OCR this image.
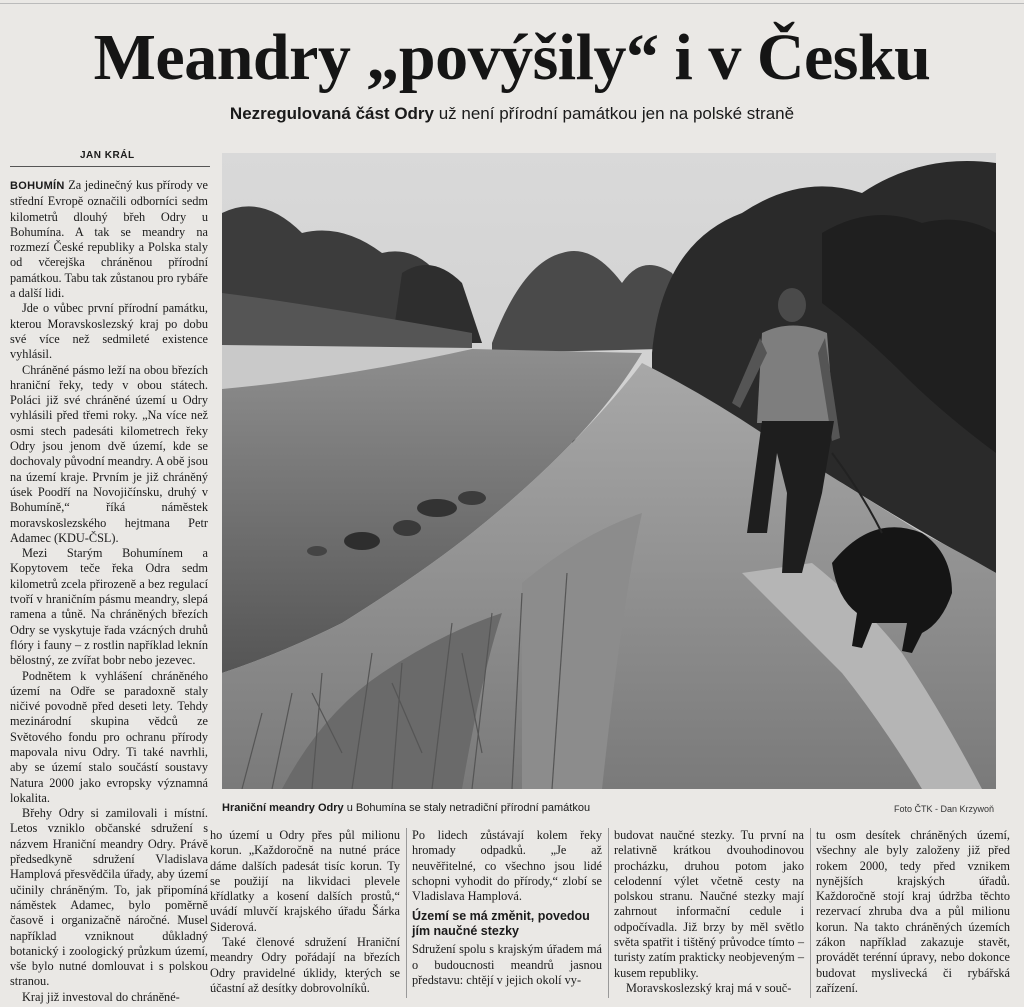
Meandry „povýšily“ i v Česku
Nezregulovaná část Odry už není přírodní památkou jen na polské straně
JAN KRÁL

BOHUMÍN Za jedinečný kus přírody ve střední Evropě označili odborníci sedm kilometrů dlouhý břeh Odry u Bohumína. A tak se meandry na rozmezí České republiky a Polska staly od včerejška chráněnou přírodní památkou. Tabu tak zůstanou pro rybáře a další lidi.

Jde o vůbec první přírodní památku, kterou Moravskoslezský kraj po dobu své více než sedmileté existence vyhlásil.

Chráněné pásmo leží na obou březích hraniční řeky, tedy v obou státech. Poláci již své chráněné území u Odry vyhlásili před třemi roky. „Na více než osmi stech padesáti kilometrech řeky Odry jsou jenom dvě území, kde se dochovaly původní meandry. A obě jsou na území kraje. Prvním je již chráněný úsek Poodří na Novojičínsku, druhý v Bohumíně,“ říká náměstek moravskoslezského hejtmana Petr Adamec (KDU-ČSL).

Mezi Starým Bohumínem a Kopytovem teče řeka Odra sedm kilometrů zcela přirozeně a bez regulací tvoří v hraničním pásmu meandry, slepá ramena a tůně. Na chráněných březích Odry se vyskytuje řada vzácných druhů flóry i fauny – z rostlin například leknín bělostný, ze zvířat bobr nebo jezevec.

Podnětem k vyhlášení chráněného území na Odře se paradoxně staly ničivé povodně před deseti lety. Tehdy mezinárodní skupina vědců ze Světového fondu pro ochranu přírody mapovala nivu Odry. Ti také navrhli, aby se území stalo součástí soustavy Natura 2000 jako evropsky významná lokalita.

Břehy Odry si zamilovali i místní. Letos vzniklo občanské sdružení s názvem Hraniční meandry Odry. Právě předsedkyně sdružení Vladislava Hamplová přesvědčila úřady, aby území učinily chráněným. To, jak připomíná náměstek Adamec, bylo poměrně časově i organizačně náročné. Musel například vzniknout důkladný botanický i zoologický průzkum území, vše bylo nutné domlouvat i s polskou stranou.

Kraj již investoval do chráněné-

Hraniční meandry Odry u Bohumína se staly netradiční přírodní památkou	Foto ČTK - Dan Krzywoň

ho území u Odry přes půl milionu korun. „Každoročně na nutné práce dáme dalších padesát tisíc korun. Ty se použijí na likvidaci plevele křídlatky a kosení dalších prostů,“ uvádí mluvčí krajského úřadu Šárka Siderová.

Také členové sdružení Hraniční meandry Odry pořádají na březích Odry pravidelné úklidy, kterých se účastní až desítky dobrovolníků.

Po lidech zůstávají kolem řeky hromady odpadků. „Je až neuvěřitelné, co všechno jsou lidé schopni vyhodit do přírody,“ zlobí se Vladislava Hamplová.

Území se má změnit, povedou jím naučné stezky

Sdružení spolu s krajským úřadem má o budoucnosti meandrů jasnou představu: chtějí v jejich okolí vy-

budovat naučné stezky. Tu první na relativně krátkou dvouhodinovou procházku, druhou potom jako celodenní výlet včetně cesty na polskou stranu. Naučné stezky mají zahrnout informační cedule i odpočívadla. Již brzy by měl světlo světa spatřit i tištěný průvodce tímto – turisty zatím prakticky neobjeveným – kusem republiky.

Moravskoslezský kraj má v souč-

tu osm desítek chráněných území, všechny ale byly založeny již před rokem 2000, tedy před vznikem nynějších krajských úřadů. Každoročně stojí kraj údržba těchto rezervací zhruba dva a půl milionu korun. Na takto chráněných územích zákon například zakazuje stavět, provádět terénní úpravy, nebo dokonce budovat myslivecká či rybářská zařízení.
